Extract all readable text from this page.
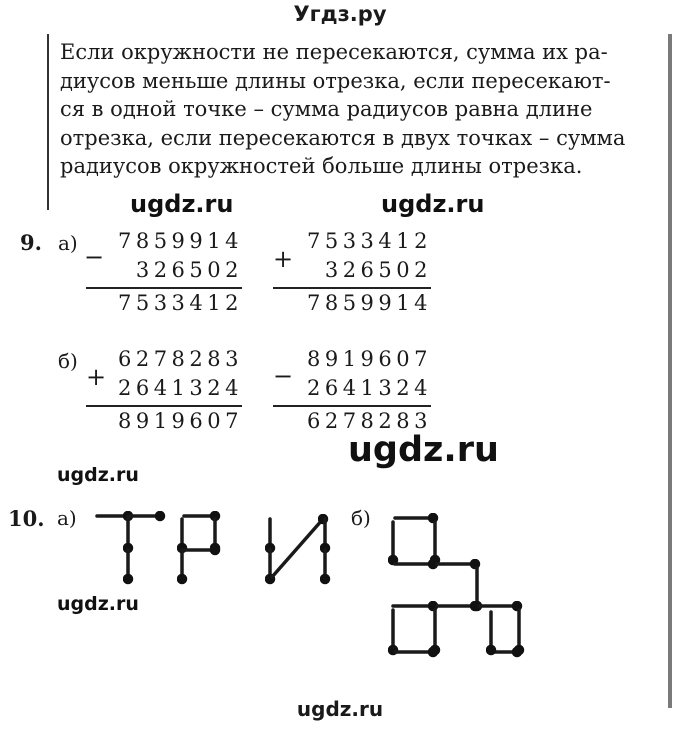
Угдз.ру
Если окружности не пересекаются, сумма их ра-
диусов меньше длины отрезка, если пересекают-
ся в одной точке – сумма радиусов равна длине
отрезка, если пересекаются в двух точках – сумма
радиусов окружностей больше длины отрезка.
ugdz.ru	ugdz.ru
9. а) −
7859914
326502
7533412
+
7533412
326502
7859914
б)
+
6278283
2641324
8919607
−
8919607
2641324
6278283
ugdz.ru
ugdz.ru
10. а)	б)
ugdz.ru
ugdz.ru
